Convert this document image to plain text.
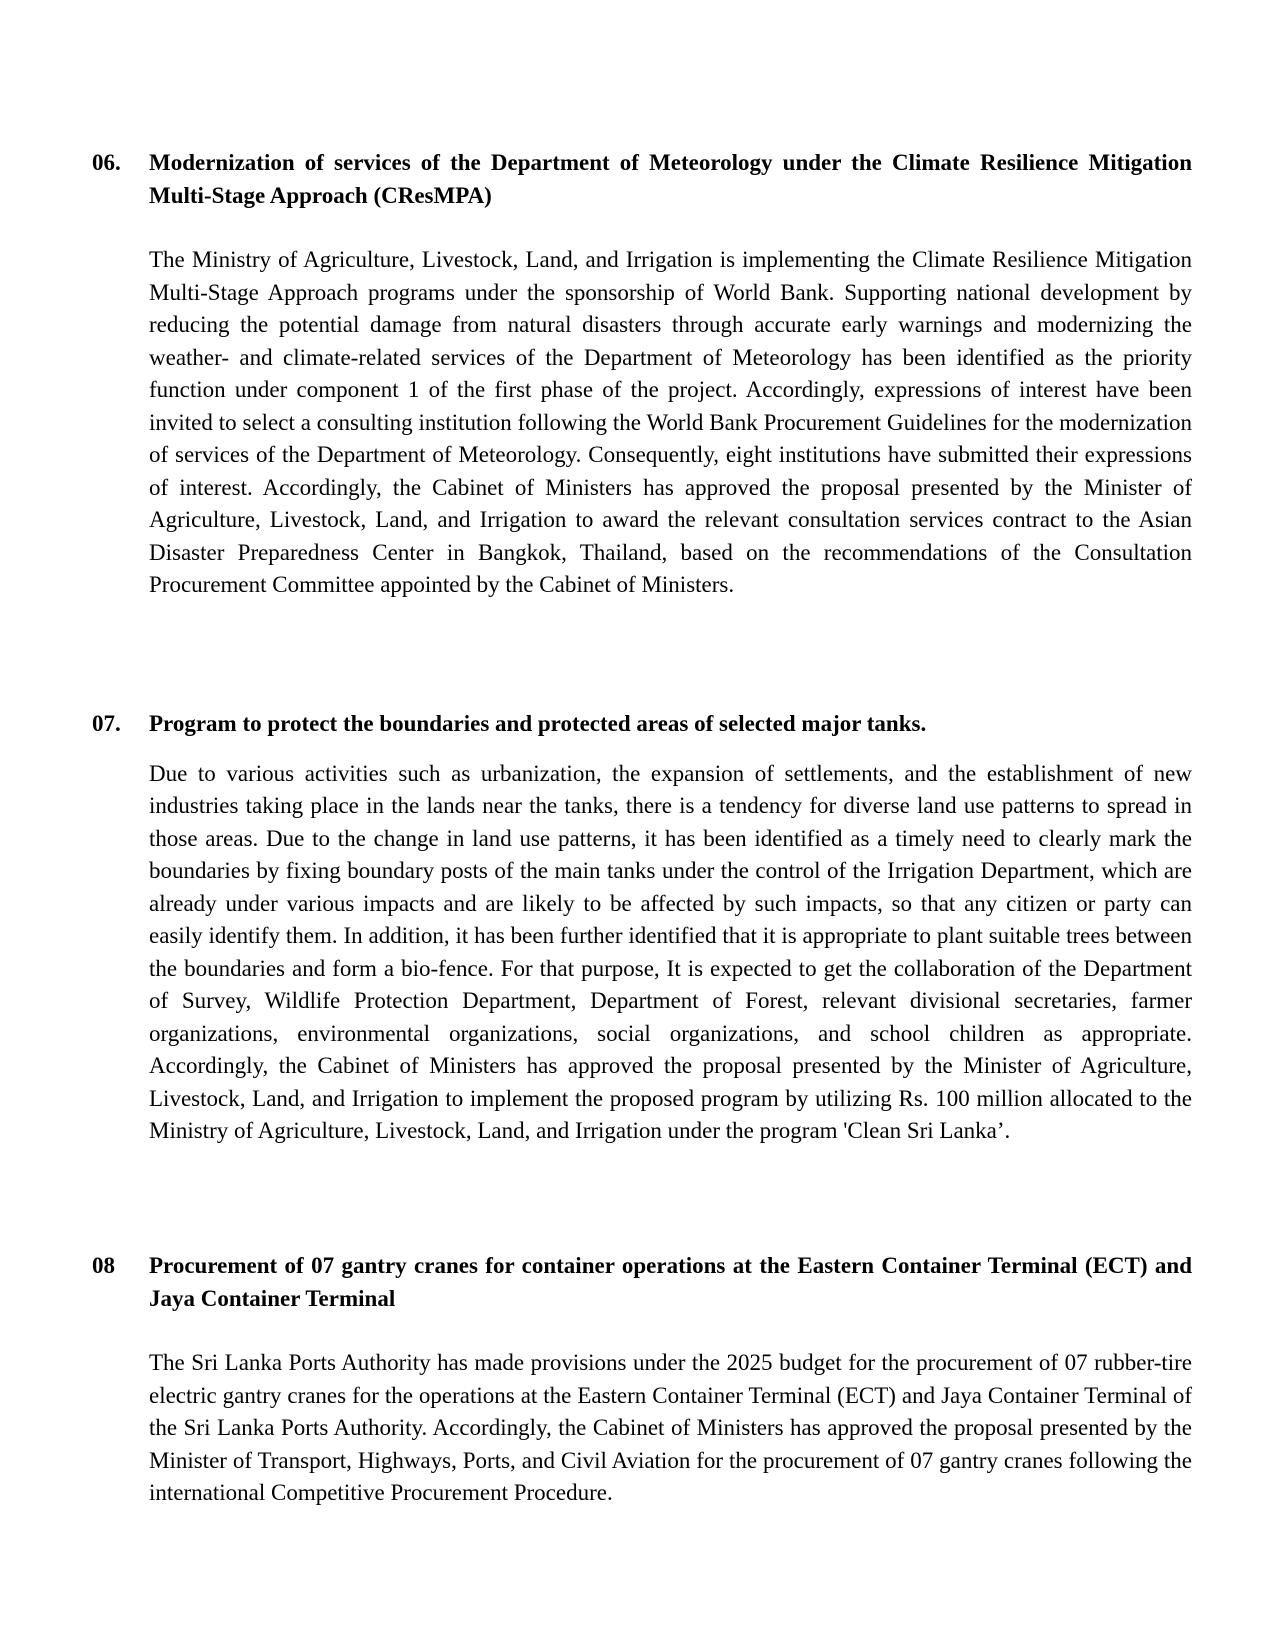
06. Modernization of services of the Department of Meteorology under the Climate Resilience Mitigation Multi-Stage Approach (CResMPA)

The Ministry of Agriculture, Livestock, Land, and Irrigation is implementing the Climate Resilience Mitigation Multi-Stage Approach programs under the sponsorship of World Bank. Supporting national development by reducing the potential damage from natural disasters through accurate early warnings and modernizing the weather- and climate-related services of the Department of Meteorology has been identified as the priority function under component 1 of the first phase of the project. Accordingly, expressions of interest have been invited to select a consulting institution following the World Bank Procurement Guidelines for the modernization of services of the Department of Meteorology. Consequently, eight institutions have submitted their expressions of interest. Accordingly, the Cabinet of Ministers has approved the proposal presented by the Minister of Agriculture, Livestock, Land, and Irrigation to award the relevant consultation services contract to the Asian Disaster Preparedness Center in Bangkok, Thailand, based on the recommendations of the Consultation Procurement Committee appointed by the Cabinet of Ministers.

07. Program to protect the boundaries and protected areas of selected major tanks.

Due to various activities such as urbanization, the expansion of settlements, and the establishment of new industries taking place in the lands near the tanks, there is a tendency for diverse land use patterns to spread in those areas. Due to the change in land use patterns, it has been identified as a timely need to clearly mark the boundaries by fixing boundary posts of the main tanks under the control of the Irrigation Department, which are already under various impacts and are likely to be affected by such impacts, so that any citizen or party can easily identify them. In addition, it has been further identified that it is appropriate to plant suitable trees between the boundaries and form a bio-fence. For that purpose, It is expected to get the collaboration of the Department of Survey, Wildlife Protection Department, Department of Forest, relevant divisional secretaries, farmer organizations, environmental organizations, social organizations, and school children as appropriate. Accordingly, the Cabinet of Ministers has approved the proposal presented by the Minister of Agriculture, Livestock, Land, and Irrigation to implement the proposed program by utilizing Rs. 100 million allocated to the Ministry of Agriculture, Livestock, Land, and Irrigation under the program 'Clean Sri Lanka’.

08 Procurement of 07 gantry cranes for container operations at the Eastern Container Terminal (ECT) and Jaya Container Terminal

The Sri Lanka Ports Authority has made provisions under the 2025 budget for the procurement of 07 rubber-tire electric gantry cranes for the operations at the Eastern Container Terminal (ECT) and Jaya Container Terminal of the Sri Lanka Ports Authority. Accordingly, the Cabinet of Ministers has approved the proposal presented by the Minister of Transport, Highways, Ports, and Civil Aviation for the procurement of 07 gantry cranes following the international Competitive Procurement Procedure.
